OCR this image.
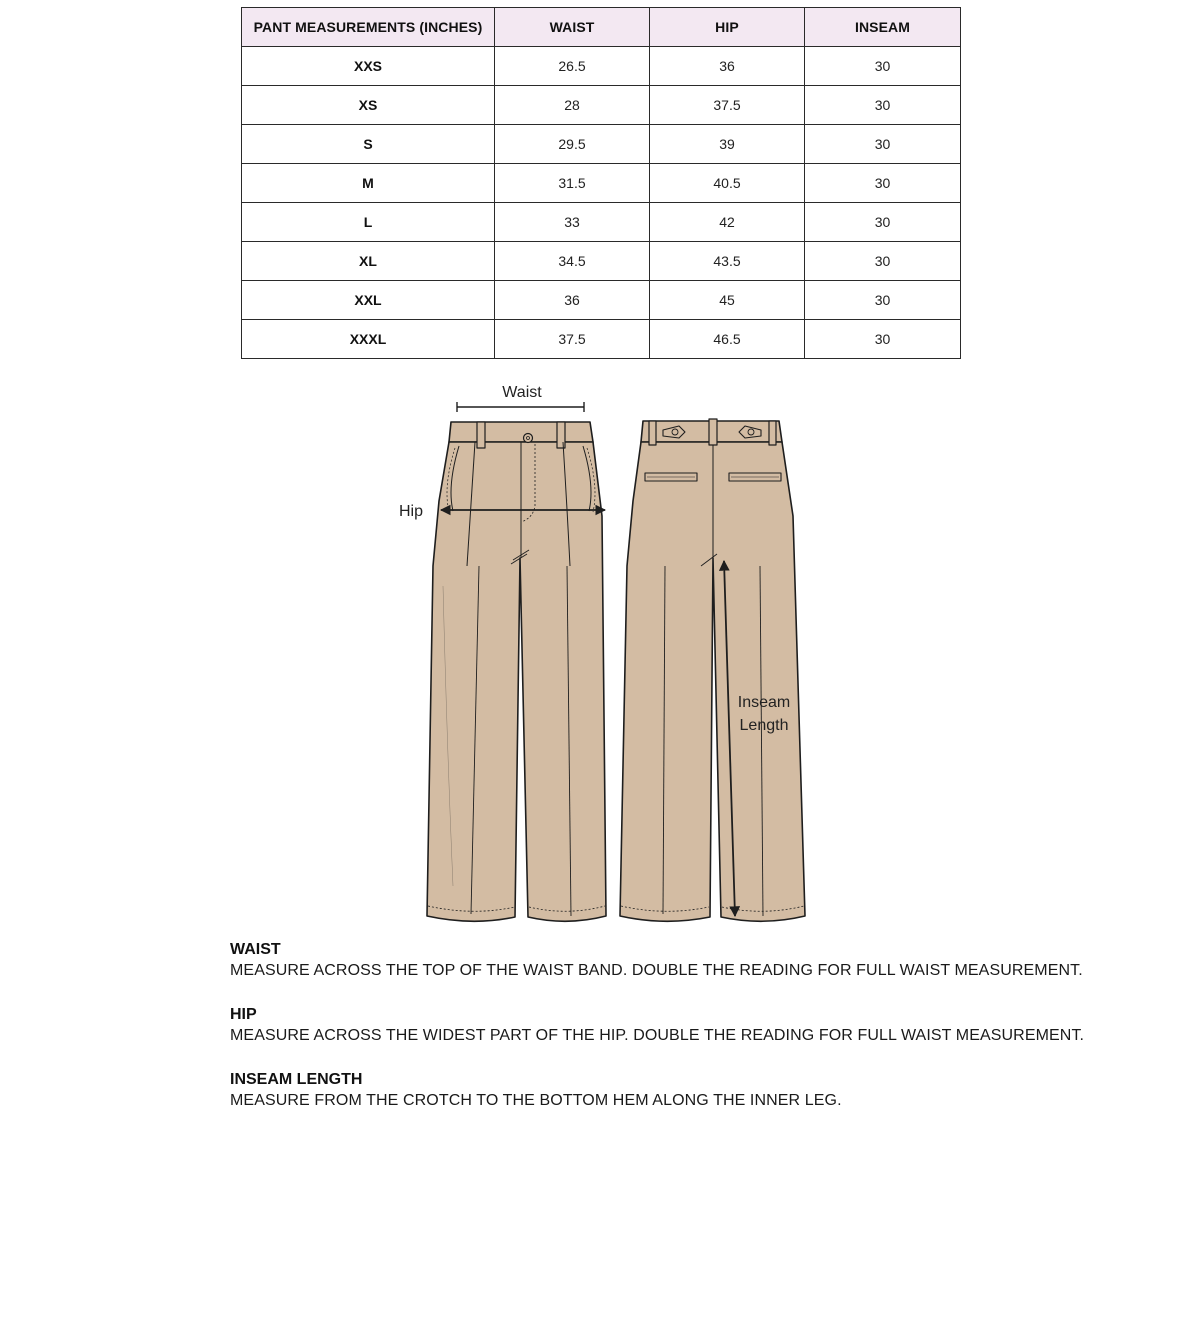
PANT MEASUREMENTS (INCHES)	WAIST	HIP	INSEAM
XXS	26.5	36	30
XS	28	37.5	30
S	29.5	39	30
M	31.5	40.5	30
L	33	42	30
XL	34.5	43.5	30
XXL	36	45	30
XXXL	37.5	46.5	30
Waist
Hip
Inseam
Length
WAIST
MEASURE ACROSS THE TOP OF THE WAIST BAND. DOUBLE THE READING FOR FULL WAIST MEASUREMENT.
HIP
MEASURE ACROSS THE WIDEST PART OF THE HIP. DOUBLE THE READING FOR FULL WAIST MEASUREMENT.
INSEAM LENGTH
MEASURE FROM THE CROTCH TO THE BOTTOM HEM ALONG THE INNER LEG.
